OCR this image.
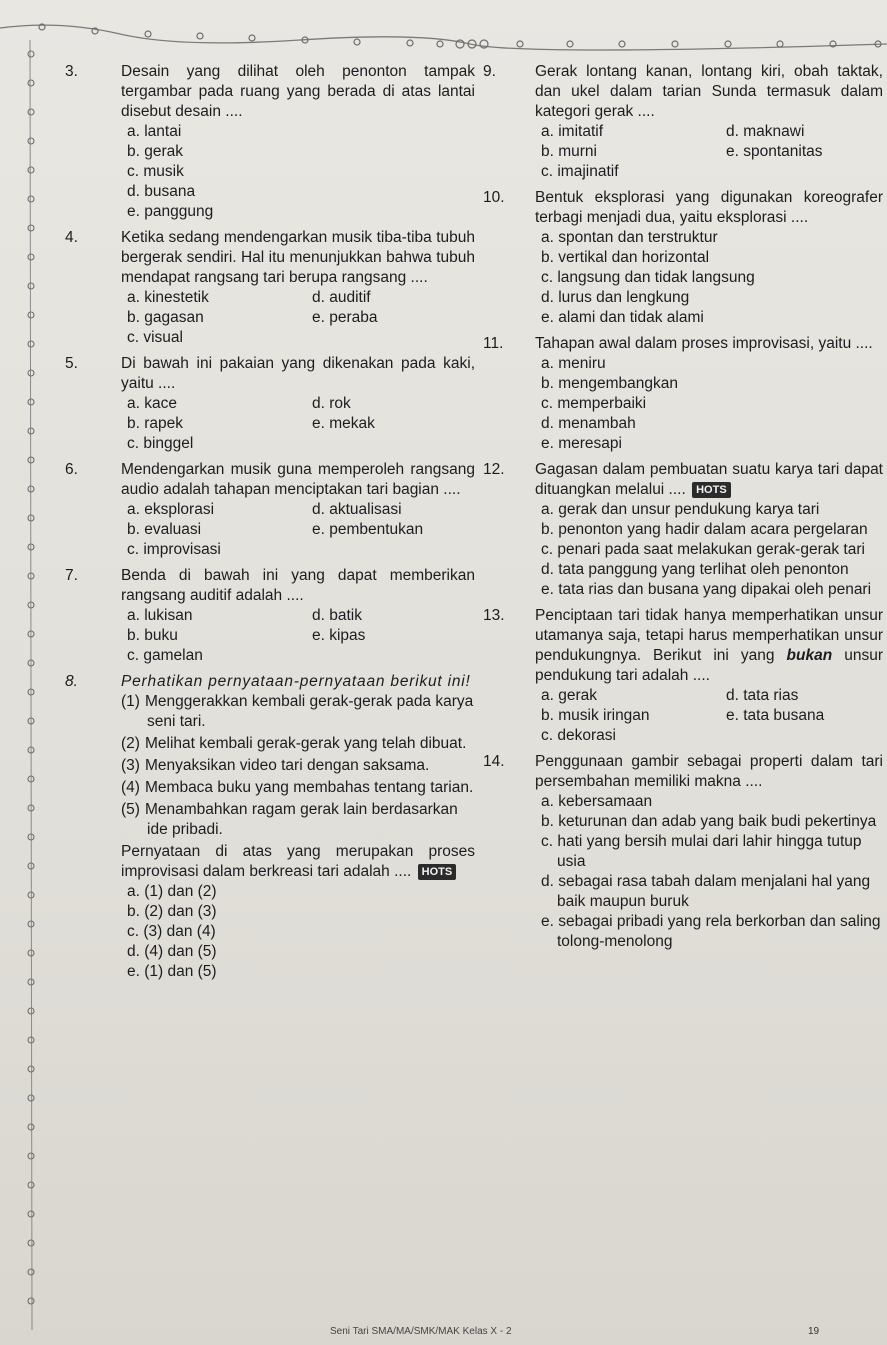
3.	Desain yang dilihat oleh penonton tampak tergambar pada ruang yang berada di atas lantai disebut desain ....
a. lantai
b. gerak
c. musik
d. busana
e. panggung
4.	Ketika sedang mendengarkan musik tiba-tiba tubuh bergerak sendiri. Hal itu menunjukkan bahwa tubuh mendapat rangsang tari berupa rangsang ....
a. kinestetik	d. auditif
b. gagasan	e. peraba
c. visual
5.	Di bawah ini pakaian yang dikenakan pada kaki, yaitu ....
a. kace	d. rok
b. rapek	e. mekak
c. binggel
6.	Mendengarkan musik guna memperoleh rangsang audio adalah tahapan menciptakan tari bagian ....
a. eksplorasi	d. aktualisasi
b. evaluasi	e. pembentukan
c. improvisasi
7.	Benda di bawah ini yang dapat memberikan rangsang auditif adalah ....
a. lukisan	d. batik
b. buku	e. kipas
c. gamelan
8.	Perhatikan pernyataan-pernyataan berikut ini!
(1) Menggerakkan kembali gerak-gerak pada karya seni tari.
(2) Melihat kembali gerak-gerak yang telah dibuat.
(3) Menyaksikan video tari dengan saksama.
(4) Membaca buku yang membahas tentang tarian.
(5) Menambahkan ragam gerak lain berdasarkan ide pribadi.
Pernyataan di atas yang merupakan proses improvisasi dalam berkreasi tari adalah .... HOTS
a. (1) dan (2)
b. (2) dan (3)
c. (3) dan (4)
d. (4) dan (5)
e. (1) dan (5)
9.	Gerak lontang kanan, lontang kiri, obah taktak, dan ukel dalam tarian Sunda termasuk dalam kategori gerak ....
a. imitatif	d. maknawi
b. murni	e. spontanitas
c. imajinatif
10. Bentuk eksplorasi yang digunakan koreografer terbagi menjadi dua, yaitu eksplorasi ....
a. spontan dan terstruktur
b. vertikal dan horizontal
c. langsung dan tidak langsung
d. lurus dan lengkung
e. alami dan tidak alami
11. Tahapan awal dalam proses improvisasi, yaitu ....
a. meniru
b. mengembangkan
c. memperbaiki
d. menambah
e. meresapi
12. Gagasan dalam pembuatan suatu karya tari dapat dituangkan melalui .... HOTS
a. gerak dan unsur pendukung karya tari
b. penonton yang hadir dalam acara pergelaran
c. penari pada saat melakukan gerak-gerak tari
d. tata panggung yang terlihat oleh penonton
e. tata rias dan busana yang dipakai oleh penari
13. Penciptaan tari tidak hanya memperhatikan unsur utamanya saja, tetapi harus memperhatikan unsur pendukungnya. Berikut ini yang bukan unsur pendukung tari adalah ....
a. gerak	d. tata rias
b. musik iringan	e. tata busana
c. dekorasi
14. Penggunaan gambir sebagai properti dalam tari persembahan memiliki makna ....
a. kebersamaan
b. keturunan dan adab yang baik budi pekertinya
c. hati yang bersih mulai dari lahir hingga tutup usia
d. sebagai rasa tabah dalam menjalani hal yang baik maupun buruk
e. sebagai pribadi yang rela berkorban dan saling tolong-menolong
Seni Tari SMA/MA/SMK/MAK Kelas X - 2	19
